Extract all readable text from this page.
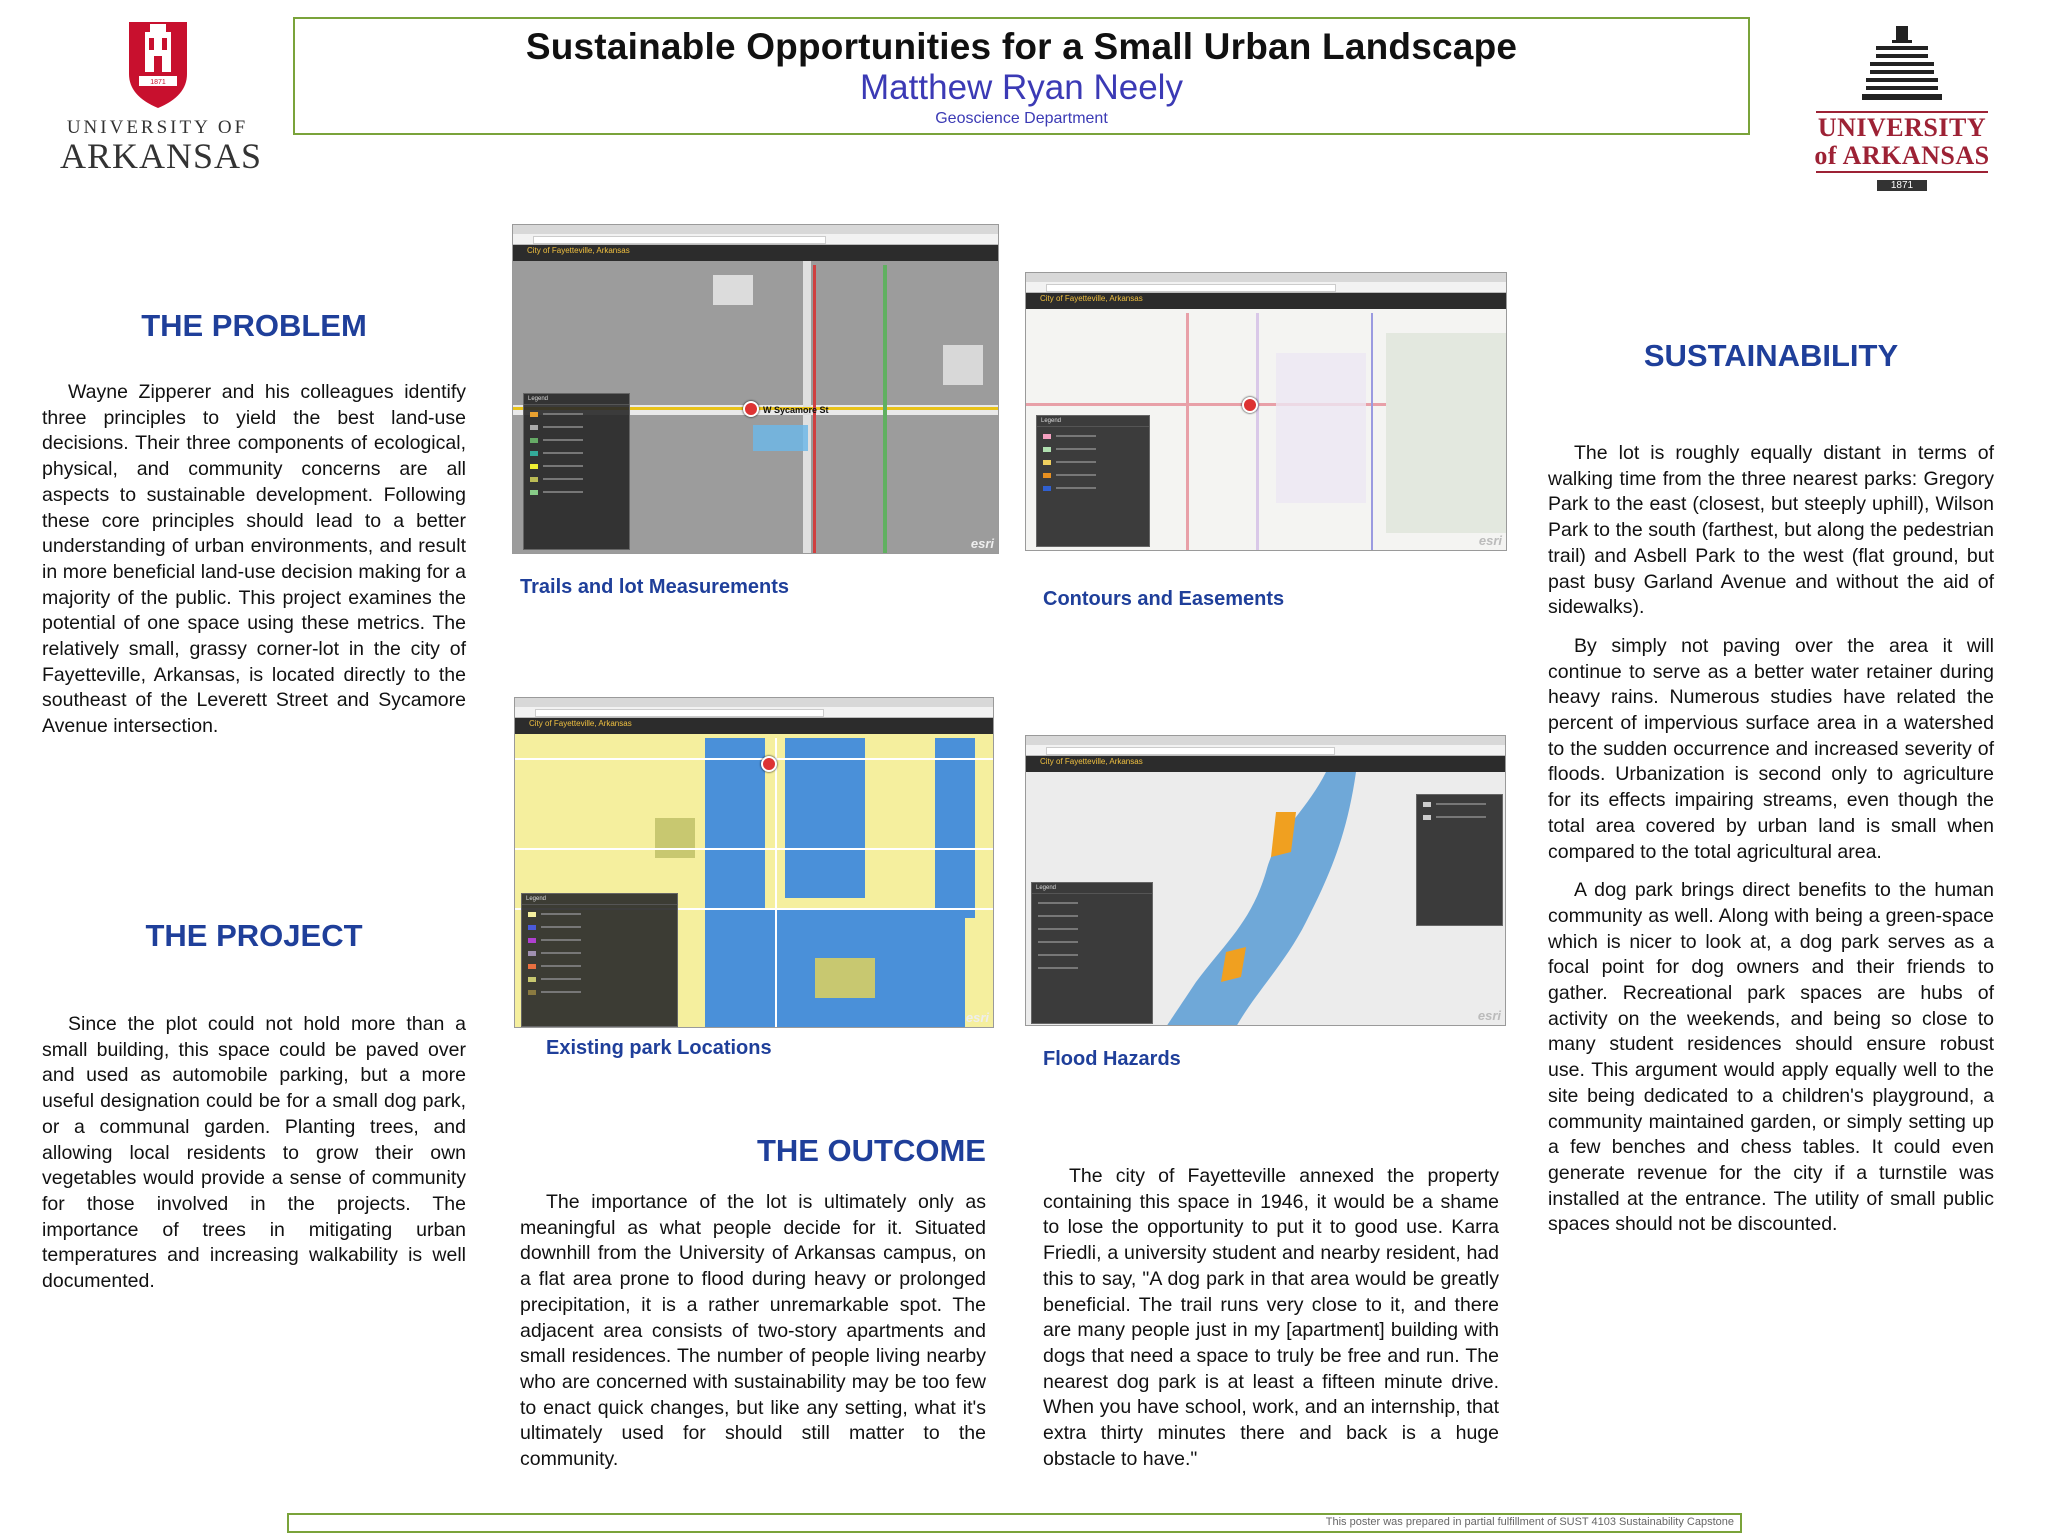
1871
UNIVERSITY OF
ARKANSAS
Sustainable Opportunities for a Small Urban Landscape
Matthew Ryan Neely
Geoscience Department	UNIVERSITY
of ARKANSAS
1871
THE PROBLEM

Wayne Zipperer and his colleagues identify three principles to yield the best land-use decisions. Their three components of ecological, physical, and community concerns are all aspects to sustainable development. Following these core principles should lead to a better understanding of urban environments, and result in more beneficial land-use decision making for a majority of the public. This project examines the potential of one space using these metrics. The relatively small, grassy corner-lot in the city of Fayetteville, Arkansas, is located directly to the southeast of the Leverett Street and Sycamore Avenue intersection.

THE PROJECT

Since the plot could not hold more than a small building, this space could be paved over and used as automobile parking, but a more useful designation could be for a small dog park, or a communal garden. Planting trees, and allowing local residents to grow their own vegetables would provide a sense of community for those involved in the projects. The importance of trees in mitigating urban temperatures and increasing walkability is well documented.

City of Fayetteville, Arkansas
W Sycamore St
Legend
esri
Trails and lot Measurements
City of Fayetteville, Arkansas
Legend
esri
Contours and Easements
City of Fayetteville, Arkansas
Legend
esri
Existing park Locations
City of Fayetteville, Arkansas
Legend
esri
Flood Hazards
THE OUTCOME

The importance of the lot is ultimately only as meaningful as what people decide for it. Situated downhill from the University of Arkansas campus, on a flat area prone to flood during heavy or prolonged precipitation, it is a rather unremarkable spot. The adjacent area consists of two-story apartments and small residences. The number of people living nearby who are concerned with sustainability may be too few to enact quick changes, but like any setting, what it's ultimately used for should still matter to the community.

The city of Fayetteville annexed the property containing this space in 1946, it would be a shame to lose the opportunity to put it to good use. Karra Friedli, a university student and nearby resident, had this to say, "A dog park in that area would be greatly beneficial. The trail runs very close to it, and there are many people just in my [apartment] building with dogs that need a space to truly be free and run. The nearest dog park is at least a fifteen minute drive. When you have school, work, and an internship, that extra thirty minutes there and back is a huge obstacle to have."

SUSTAINABILITY

The lot is roughly equally distant in terms of walking time from the three nearest parks: Gregory Park to the east (closest, but steeply uphill), Wilson Park to the south (farthest, but along the pedestrian trail) and Asbell Park to the west (flat ground, but past busy Garland Avenue and without the aid of sidewalks).

By simply not paving over the area it will continue to serve as a better water retainer during heavy rains. Numerous studies have related the percent of impervious surface area in a watershed to the sudden occurrence and increased severity of floods. Urbanization is second only to agriculture for its effects impairing streams, even though the total area covered by urban land is small when compared to the total agricultural area.

A dog park brings direct benefits to the human community as well. Along with being a green-space which is nicer to look at, a dog park serves as a focal point for dog owners and their friends to gather. Recreational park spaces are hubs of activity on the weekends, and being so close to many student residences should ensure robust use. This argument would apply equally well to the site being dedicated to a children's playground, a community maintained garden, or simply setting up a few benches and chess tables. It could even generate revenue for the city if a turnstile was installed at the entrance. The utility of small public spaces should not be discounted.

This poster was prepared in partial fulfillment of SUST 4103 Sustainability Capstone
